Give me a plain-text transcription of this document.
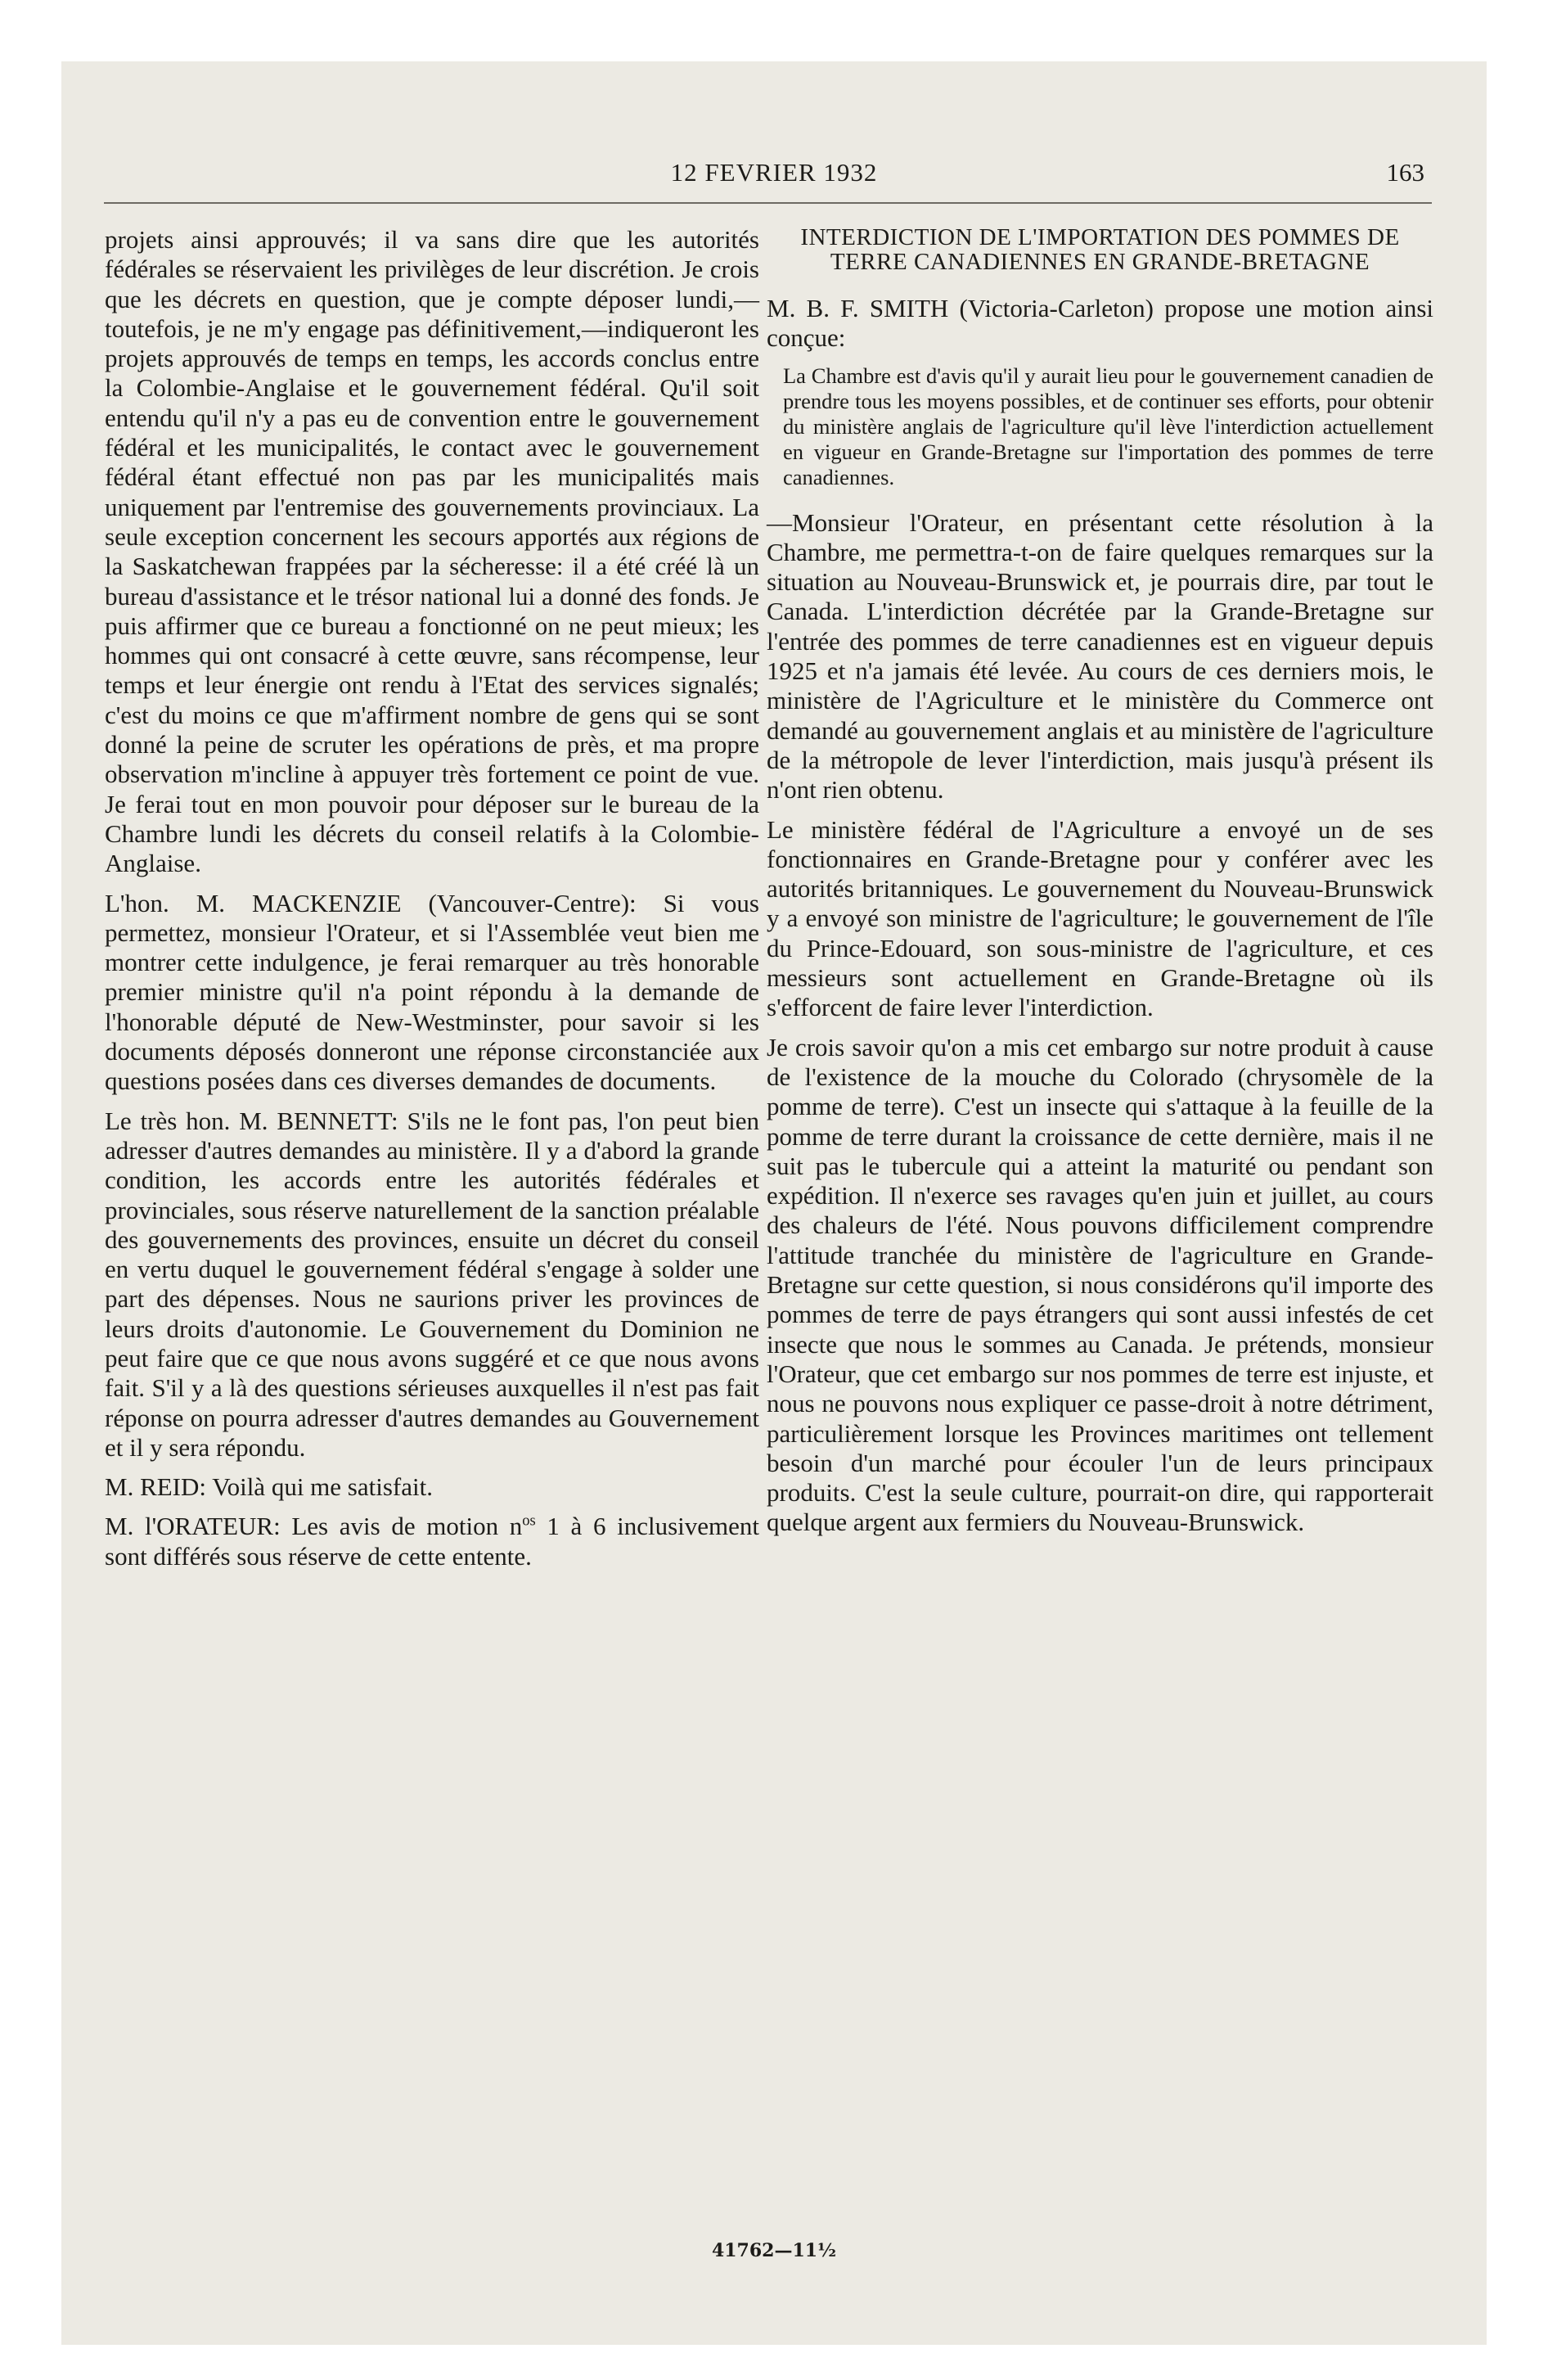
12 FEVRIER 1932	163

projets ainsi approuvés; il va sans dire que les autorités fédérales se réservaient les privilèges de leur discrétion. Je crois que les décrets en question, que je compte déposer lundi,—toutefois, je ne m'y engage pas définitivement,—indiqueront les projets approuvés de temps en temps, les accords conclus entre la Colombie-Anglaise et le gouvernement fédéral. Qu'il soit entendu qu'il n'y a pas eu de convention entre le gouvernement fédéral et les municipalités, le contact avec le gouvernement fédéral étant effectué non pas par les municipalités mais uniquement par l'entremise des gouvernements provinciaux. La seule exception concernent les secours apportés aux régions de la Saskatchewan frappées par la sécheresse: il a été créé là un bureau d'assistance et le trésor national lui a donné des fonds. Je puis affirmer que ce bureau a fonctionné on ne peut mieux; les hommes qui ont consacré à cette œuvre, sans récompense, leur temps et leur énergie ont rendu à l'Etat des services signalés; c'est du moins ce que m'affirment nombre de gens qui se sont donné la peine de scruter les opérations de près, et ma propre observation m'incline à appuyer très fortement ce point de vue. Je ferai tout en mon pouvoir pour déposer sur le bureau de la Chambre lundi les décrets du conseil relatifs à la Colombie-Anglaise.

L'hon. M. MACKENZIE (Vancouver-Centre): Si vous permettez, monsieur l'Orateur, et si l'Assemblée veut bien me montrer cette indulgence, je ferai remarquer au très honorable premier ministre qu'il n'a point répondu à la demande de l'honorable député de New-Westminster, pour savoir si les documents déposés donneront une réponse circonstanciée aux questions posées dans ces diverses demandes de documents.

Le très hon. M. BENNETT: S'ils ne le font pas, l'on peut bien adresser d'autres demandes au ministère. Il y a d'abord la grande condition, les accords entre les autorités fédérales et provinciales, sous réserve naturellement de la sanction préalable des gouvernements des provinces, ensuite un décret du conseil en vertu duquel le gouvernement fédéral s'engage à solder une part des dépenses. Nous ne saurions priver les provinces de leurs droits d'autonomie. Le Gouvernement du Dominion ne peut faire que ce que nous avons suggéré et ce que nous avons fait. S'il y a là des questions sérieuses auxquelles il n'est pas fait réponse on pourra adresser d'autres demandes au Gouvernement et il y sera répondu.

M. REID: Voilà qui me satisfait.

M. l'ORATEUR: Les avis de motion $n^{os}$ 1 à 6 inclusivement sont différés sous réserve de cette entente.

INTERDICTION DE L'IMPORTATION DES POMMES DE TERRE CANADIENNES EN GRANDE-BRETAGNE

M. B. F. SMITH (Victoria-Carleton) propose une motion ainsi conçue:

La Chambre est d'avis qu'il y aurait lieu pour le gouvernement canadien de prendre tous les moyens possibles, et de continuer ses efforts, pour obtenir du ministère anglais de l'agriculture qu'il lève l'interdiction actuellement en vigueur en Grande-Bretagne sur l'importation des pommes de terre canadiennes.

—Monsieur l'Orateur, en présentant cette résolution à la Chambre, me permettra-t-on de faire quelques remarques sur la situation au Nouveau-Brunswick et, je pourrais dire, par tout le Canada. L'interdiction décrétée par la Grande-Bretagne sur l'entrée des pommes de terre canadiennes est en vigueur depuis 1925 et n'a jamais été levée. Au cours de ces derniers mois, le ministère de l'Agriculture et le ministère du Commerce ont demandé au gouvernement anglais et au ministère de l'agriculture de la métropole de lever l'interdiction, mais jusqu'à présent ils n'ont rien obtenu.

Le ministère fédéral de l'Agriculture a envoyé un de ses fonctionnaires en Grande-Bretagne pour y conférer avec les autorités britanniques. Le gouvernement du Nouveau-Brunswick y a envoyé son ministre de l'agriculture; le gouvernement de l'île du Prince-Edouard, son sous-ministre de l'agriculture, et ces messieurs sont actuellement en Grande-Bretagne où ils s'efforcent de faire lever l'interdiction.

Je crois savoir qu'on a mis cet embargo sur notre produit à cause de l'existence de la mouche du Colorado (chrysomèle de la pomme de terre). C'est un insecte qui s'attaque à la feuille de la pomme de terre durant la croissance de cette dernière, mais il ne suit pas le tubercule qui a atteint la maturité ou pendant son expédition. Il n'exerce ses ravages qu'en juin et juillet, au cours des chaleurs de l'été. Nous pouvons difficilement comprendre l'attitude tranchée du ministère de l'agriculture en Grande-Bretagne sur cette question, si nous considérons qu'il importe des pommes de terre de pays étrangers qui sont aussi infestés de cet insecte que nous le sommes au Canada. Je prétends, monsieur l'Orateur, que cet embargo sur nos pommes de terre est injuste, et nous ne pouvons nous expliquer ce passe-droit à notre détriment, particulièrement lorsque les Provinces maritimes ont tellement besoin d'un marché pour écouler l'un de leurs principaux produits. C'est la seule culture, pourrait-on dire, qui rapporterait quelque argent aux fermiers du Nouveau-Brunswick.

41762—11½
